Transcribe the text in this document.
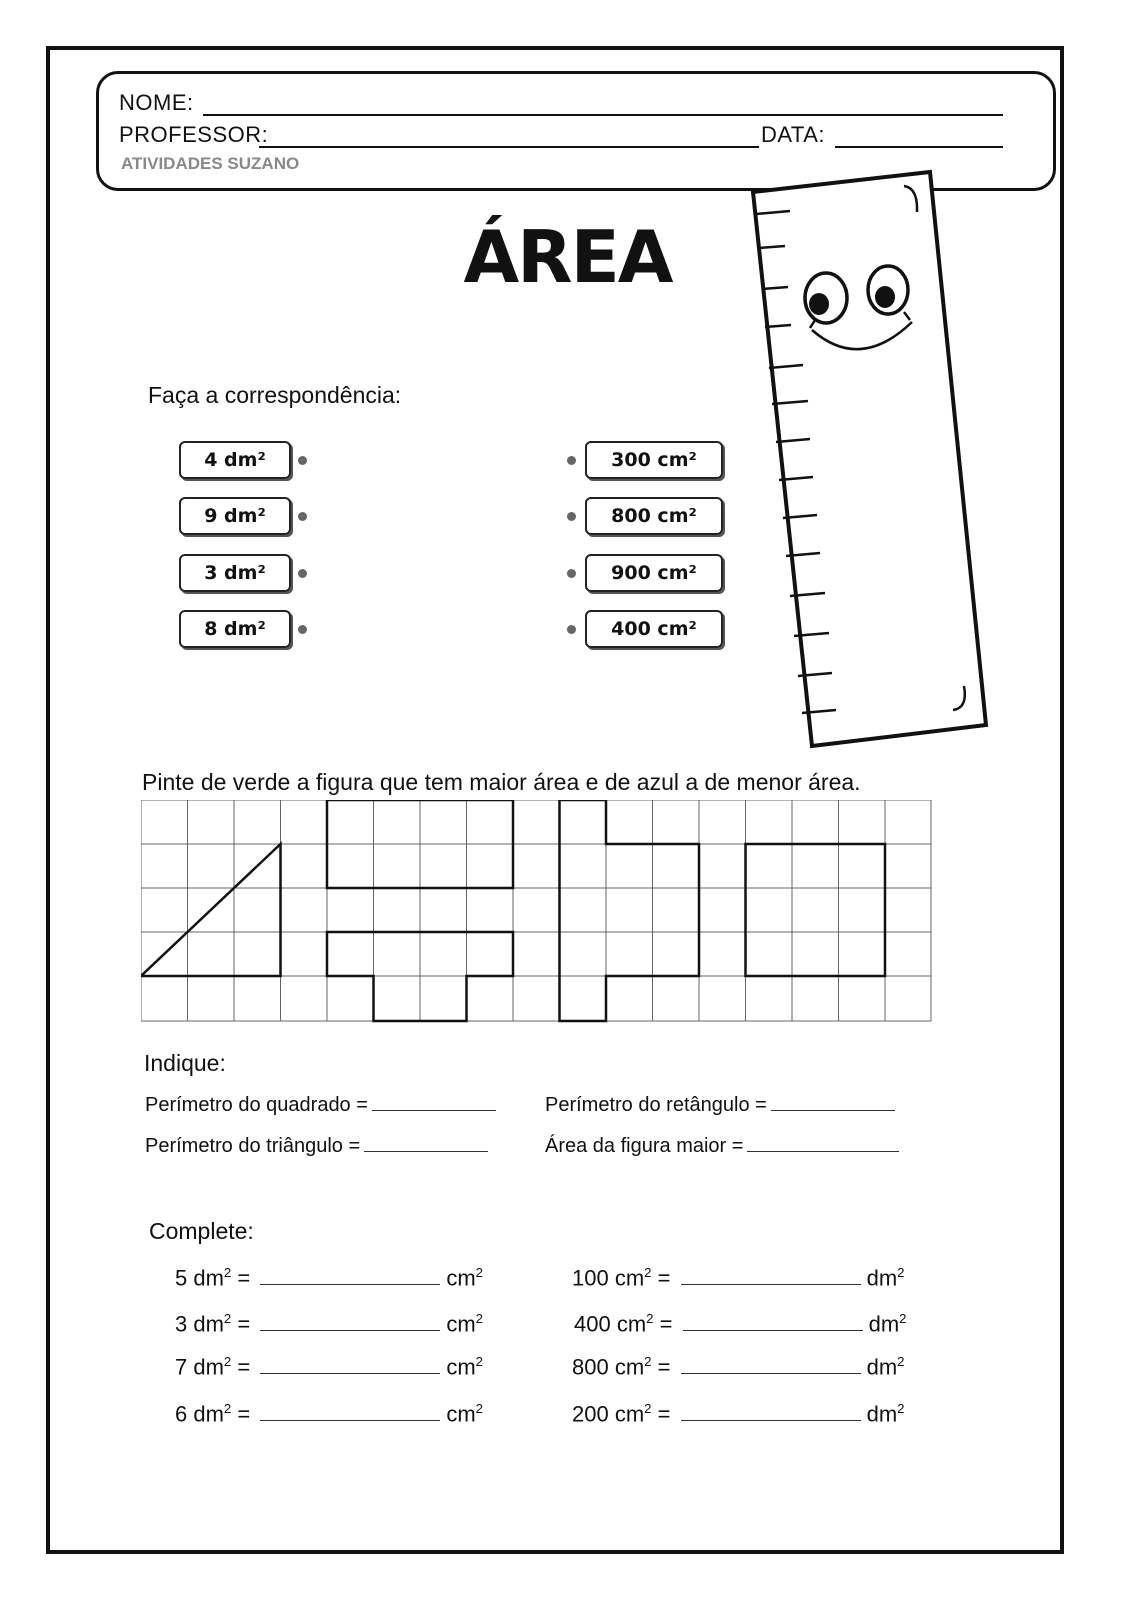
NOME:
PROFESSOR:	DATA:
ATIVIDADES SUZANO
ÁREA
Faça a correspondência:
4 dm²
9 dm²
3 dm²
8 dm²
300 cm²
800 cm²
900 cm²
400 cm²
Pinte de verde a figura que tem maior área e de azul a de menor área.
Indique:
Perímetro do quadrado =	Perímetro do retângulo =
Perímetro do triângulo =	Área da figura maior =
Complete:
5 $dm^2$ =	$cm^2$
3 $dm^2$ =	$cm^2$
7 $dm^2$ =	$cm^2$
6 $dm^2$ =	$cm^2$
100 $cm^2$ =	$dm^2$
400 $cm^2$ =	$dm^2$
800 $cm^2$ =	$dm^2$
200 $cm^2$ =	$dm^2$
